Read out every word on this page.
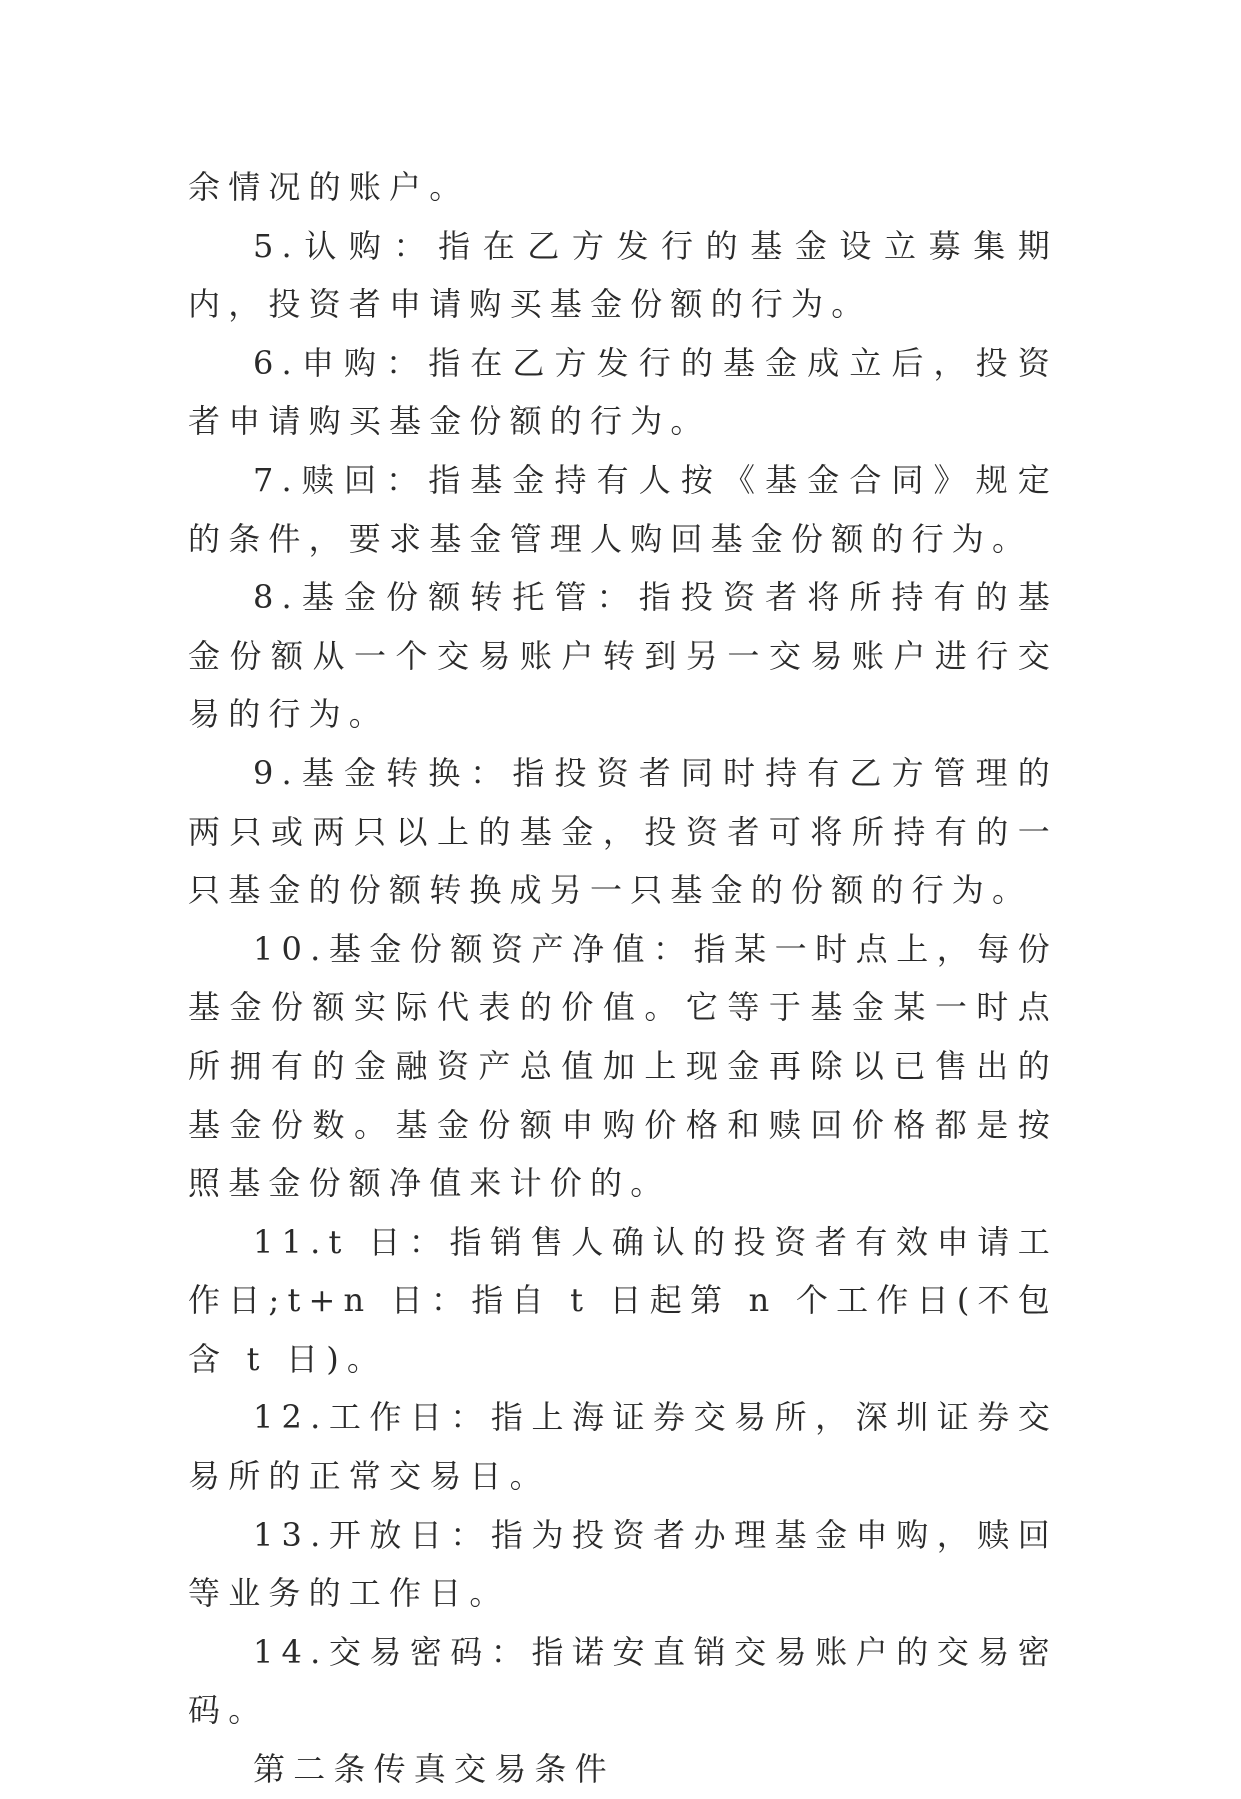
余情况的账户。

5.认购：指在乙方发行的基金设立募集期内，投资者申请购买基金份额的行为。

6.申购：指在乙方发行的基金成立后，投资者申请购买基金份额的行为。

7.赎回：指基金持有人按《基金合同》规定的条件，要求基金管理人购回基金份额的行为。

8.基金份额转托管：指投资者将所持有的基金份额从一个交易账户转到另一交易账户进行交易的行为。

9.基金转换：指投资者同时持有乙方管理的两只或两只以上的基金，投资者可将所持有的一只基金的份额转换成另一只基金的份额的行为。

10.基金份额资产净值：指某一时点上，每份基金份额实际代表的价值。它等于基金某一时点所拥有的金融资产总值加上现金再除以已售出的基金份数。基金份额申购价格和赎回价格都是按照基金份额净值来计价的。

11.t 日：指销售人确认的投资者有效申请工作日;t+n 日：指自 t 日起第 n 个工作日(不包含 t 日)。

12.工作日：指上海证券交易所，深圳证券交易所的正常交易日。

13.开放日：指为投资者办理基金申购，赎回等业务的工作日。

14.交易密码：指诺安直销交易账户的交易密码。

第二条传真交易条件
